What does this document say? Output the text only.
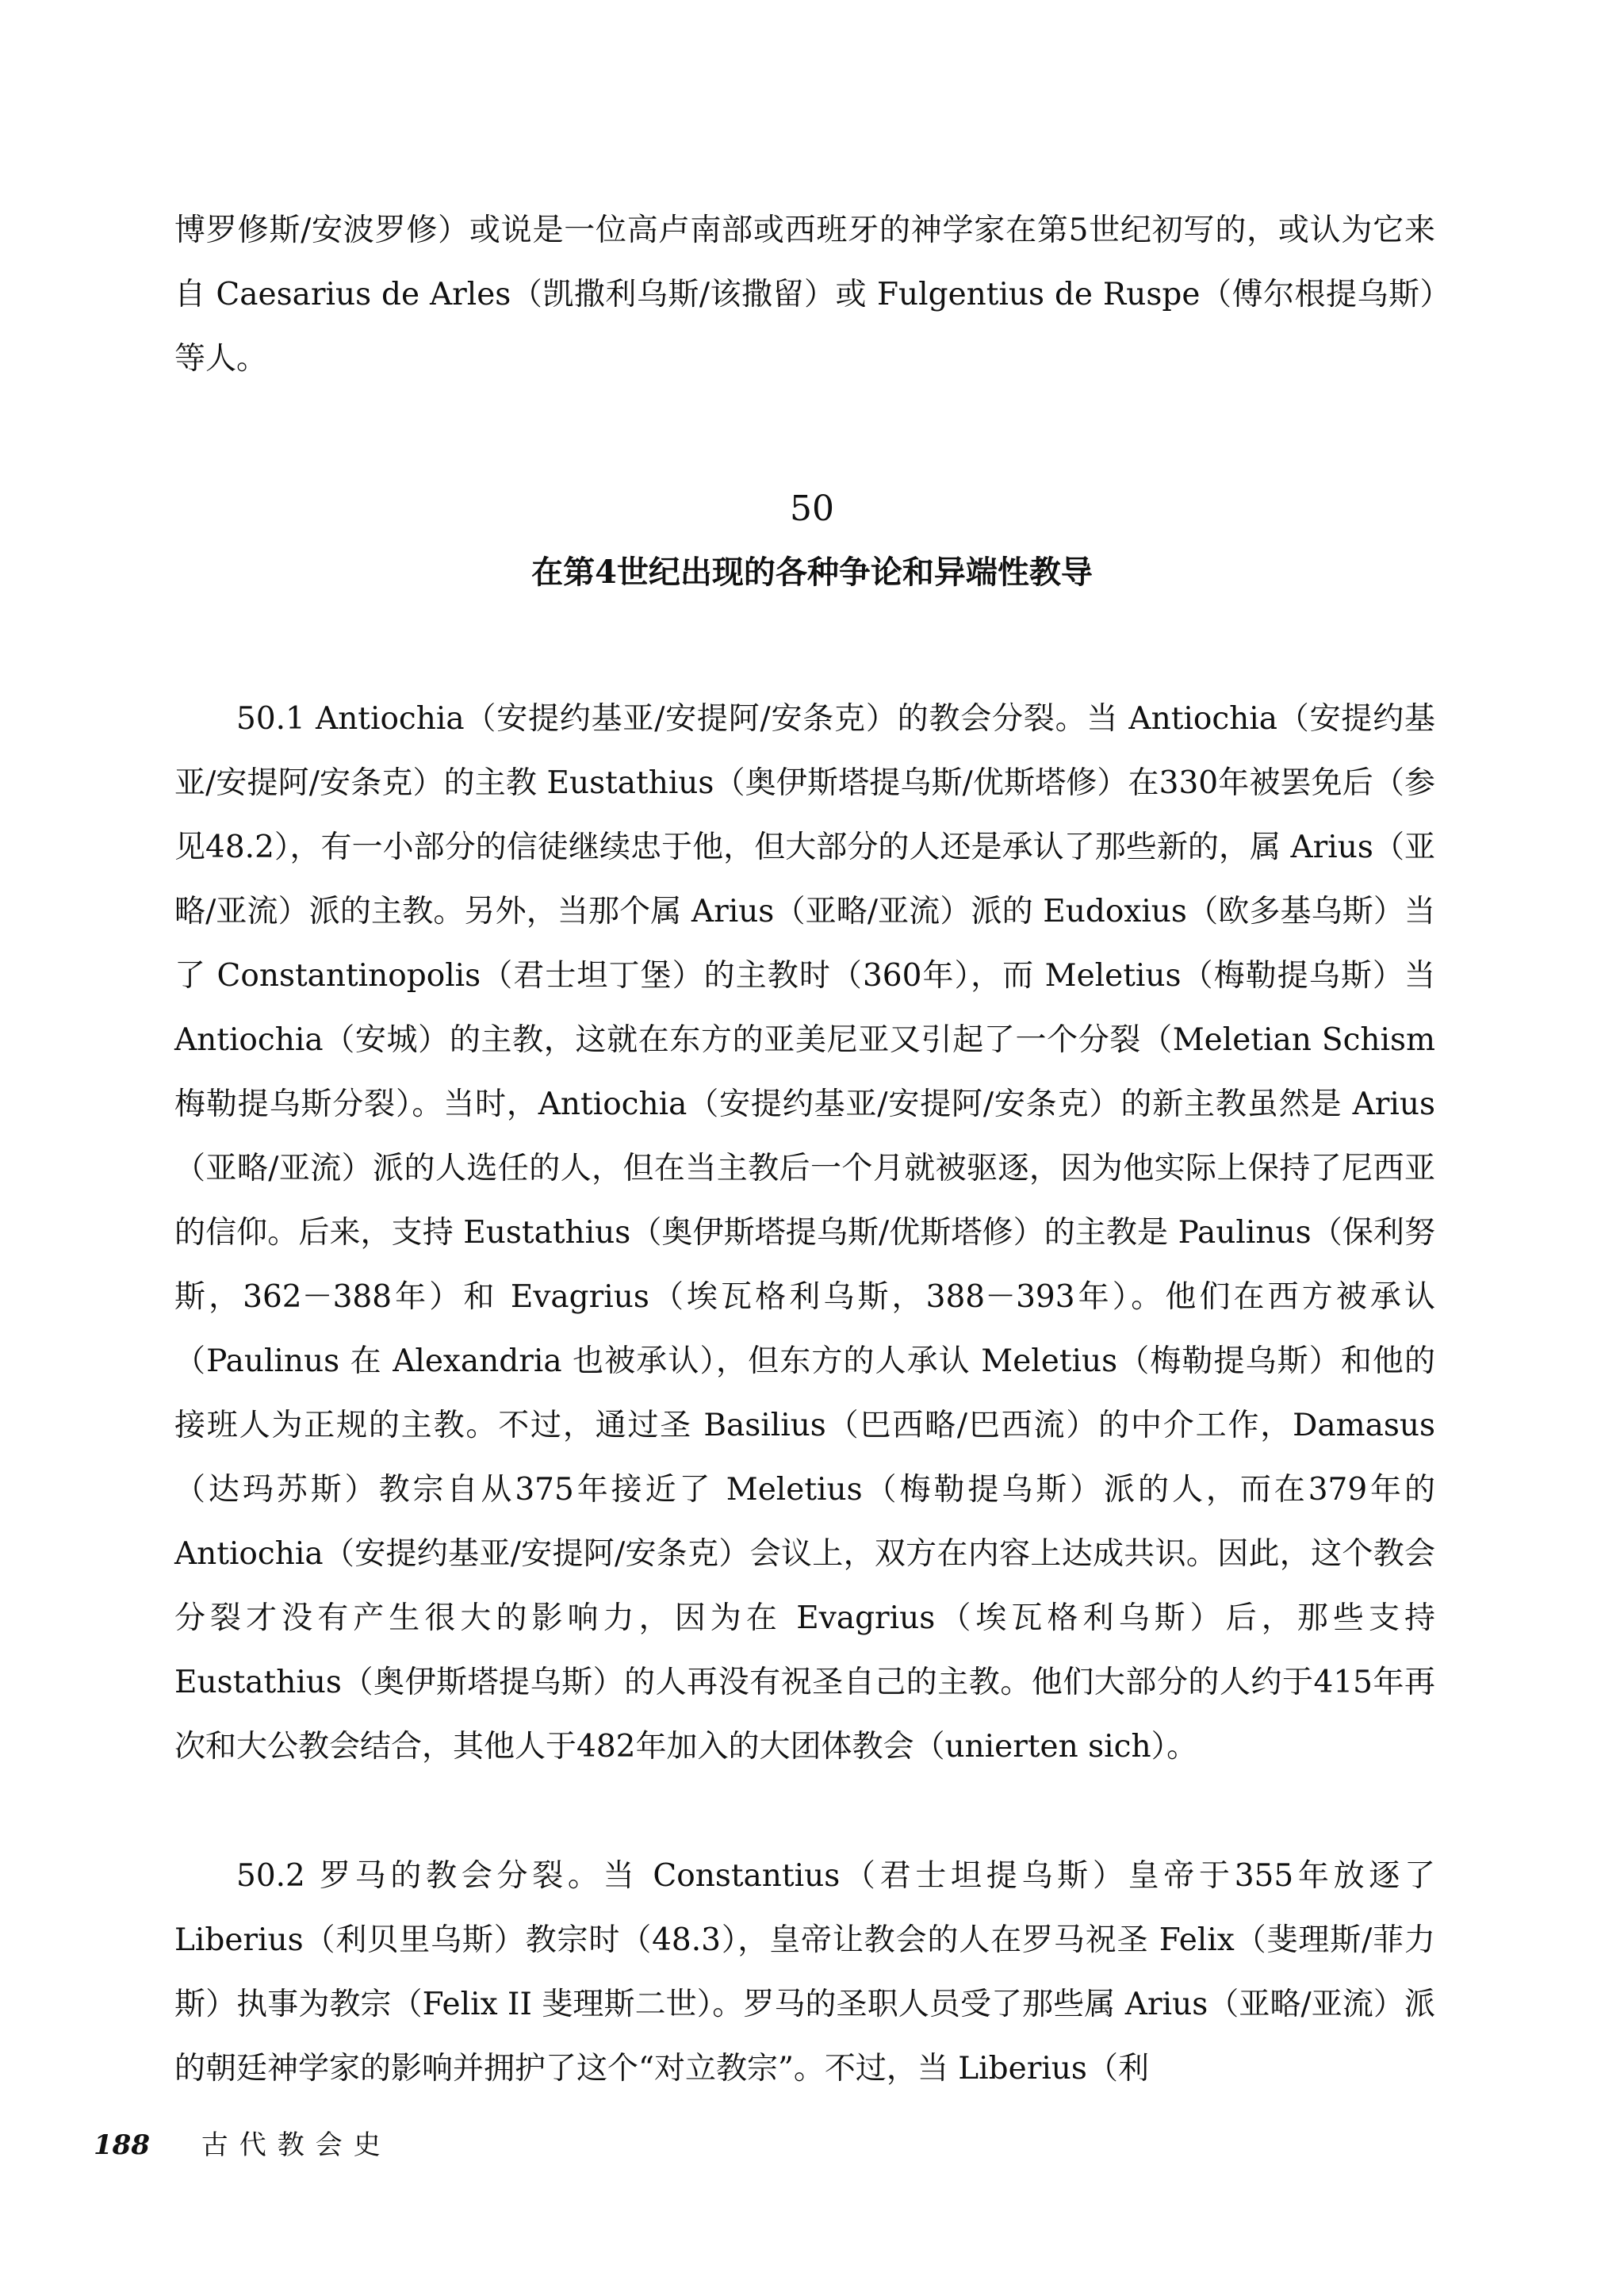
博罗修斯/安波罗修）或说是一位高卢南部或西班牙的神学家在第5世纪初写的，或认为它来自 Caesarius de Arles（凯撒利乌斯/该撒留）或 Fulgentius de Ruspe（傅尔根提乌斯）等人。

50
在第4世纪出现的各种争论和异端性教导

50.1 Antiochia（安提约基亚/安提阿/安条克）的教会分裂。当 Antiochia（安提约基亚/安提阿/安条克）的主教 Eustathius（奥伊斯塔提乌斯/优斯塔修）在330年被罢免后（参见48.2），有一小部分的信徒继续忠于他，但大部分的人还是承认了那些新的，属 Arius（亚略/亚流）派的主教。另外，当那个属 Arius（亚略/亚流）派的 Eudoxius（欧多基乌斯）当了 Constantinopolis（君士坦丁堡）的主教时（360年），而 Meletius（梅勒提乌斯）当 Antiochia（安城）的主教，这就在东方的亚美尼亚又引起了一个分裂（Meletian Schism 梅勒提乌斯分裂）。当时，Antiochia（安提约基亚/安提阿/安条克）的新主教虽然是 Arius（亚略/亚流）派的人选任的人，但在当主教后一个月就被驱逐，因为他实际上保持了尼西亚的信仰。后来，支持 Eustathius（奥伊斯塔提乌斯/优斯塔修）的主教是 Paulinus（保利努斯，362－388年）和 Evagrius（埃瓦格利乌斯，388－393年）。他们在西方被承认（Paulinus 在 Alexandria 也被承认），但东方的人承认 Meletius（梅勒提乌斯）和他的接班人为正规的主教。不过，通过圣 Basilius（巴西略/巴西流）的中介工作，Damasus（达玛苏斯）教宗自从375年接近了 Meletius（梅勒提乌斯）派的人，而在379年的 Antiochia（安提约基亚/安提阿/安条克）会议上，双方在内容上达成共识。因此，这个教会分裂才没有产生很大的影响力，因为在 Evagrius（埃瓦格利乌斯）后，那些支持 Eustathius（奥伊斯塔提乌斯）的人再没有祝圣自己的主教。他们大部分的人约于415年再次和大公教会结合，其他人于482年加入的大团体教会（unierten sich）。

50.2 罗马的教会分裂。当 Constantius（君士坦提乌斯）皇帝于355年放逐了 Liberius（利贝里乌斯）教宗时（48.3），皇帝让教会的人在罗马祝圣 Felix（斐理斯/菲力斯）执事为教宗（Felix II 斐理斯二世）。罗马的圣职人员受了那些属 Arius（亚略/亚流）派的朝廷神学家的影响并拥护了这个“对立教宗”。不过，当 Liberius（利

188 古代教会史
